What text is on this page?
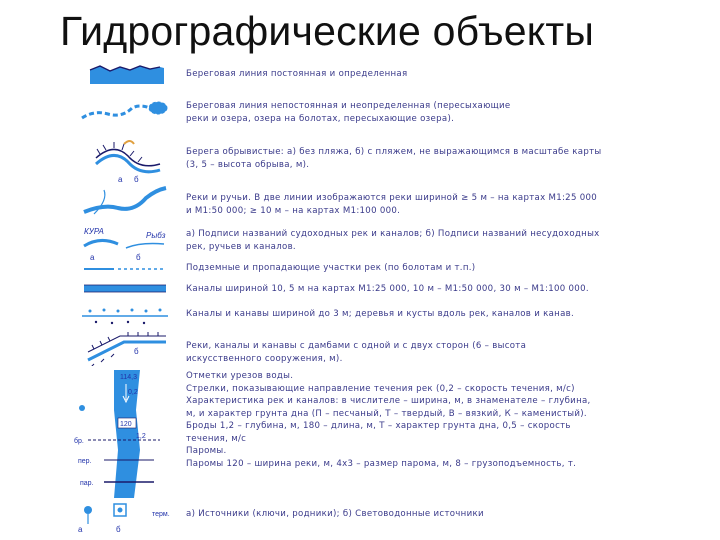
Гидрографические объекты
Береговая линия постоянная и определенная
Береговая линия непостоянная и неопределенная (пересыхающие
реки и озера, озера на болотах, пересыхающие озера).
а б
Берега обрывистые: а) без пляжа, б) с пляжем, не выражающимся в масштабе карты
(3, 5 – высота обрыва, м).
Реки и ручьи. В две линии изображаются реки шириной ≥ 5 м – на картах М1:25 000
и М1:50 000; ≥ 10 м – на картах М1:100 000.
КУРА	Рыбз
а	б
а) Подписи названий судоходных рек и каналов; б) Подписи названий несудоходных
рек, ручьев и каналов.
Подземные и пропадающие участки рек (по болотам и т.п.)
Каналы шириной 10, 5 м на картах М1:25 000, 10 м – М1:50 000, 30 м – М1:100 000.
Каналы и канавы шириной до 3 м; деревья и кусты вдоль рек, каналов и канав.
б
Реки, каналы и канавы с дамбами с одной и с двух сторон (6 – высота
искусственного сооружения, м).
114,3
0,2
120
1,2
бр.
пер.
пар.
Отметки урезов воды.
Стрелки, показывающие направление течения рек (0,2 – скорость течения, м/с)
Характеристика рек и каналов: в числителе – ширина, м, в знаменателе – глубина,
м, и характер грунта дна (П – песчаный, Т – твердый, В – вязкий, К – каменистый).
Броды 1,2 – глубина, м, 180 – длина, м, Т – характер грунта дна, 0,5 – скорость
течения, м/с
Паромы.
Паромы 120 – ширина реки, м, 4х3 – размер парома, м, 8 – грузоподъемность, т.
а	б
терм. а) Источники (ключи, родники); б) Cветоводонные источники
